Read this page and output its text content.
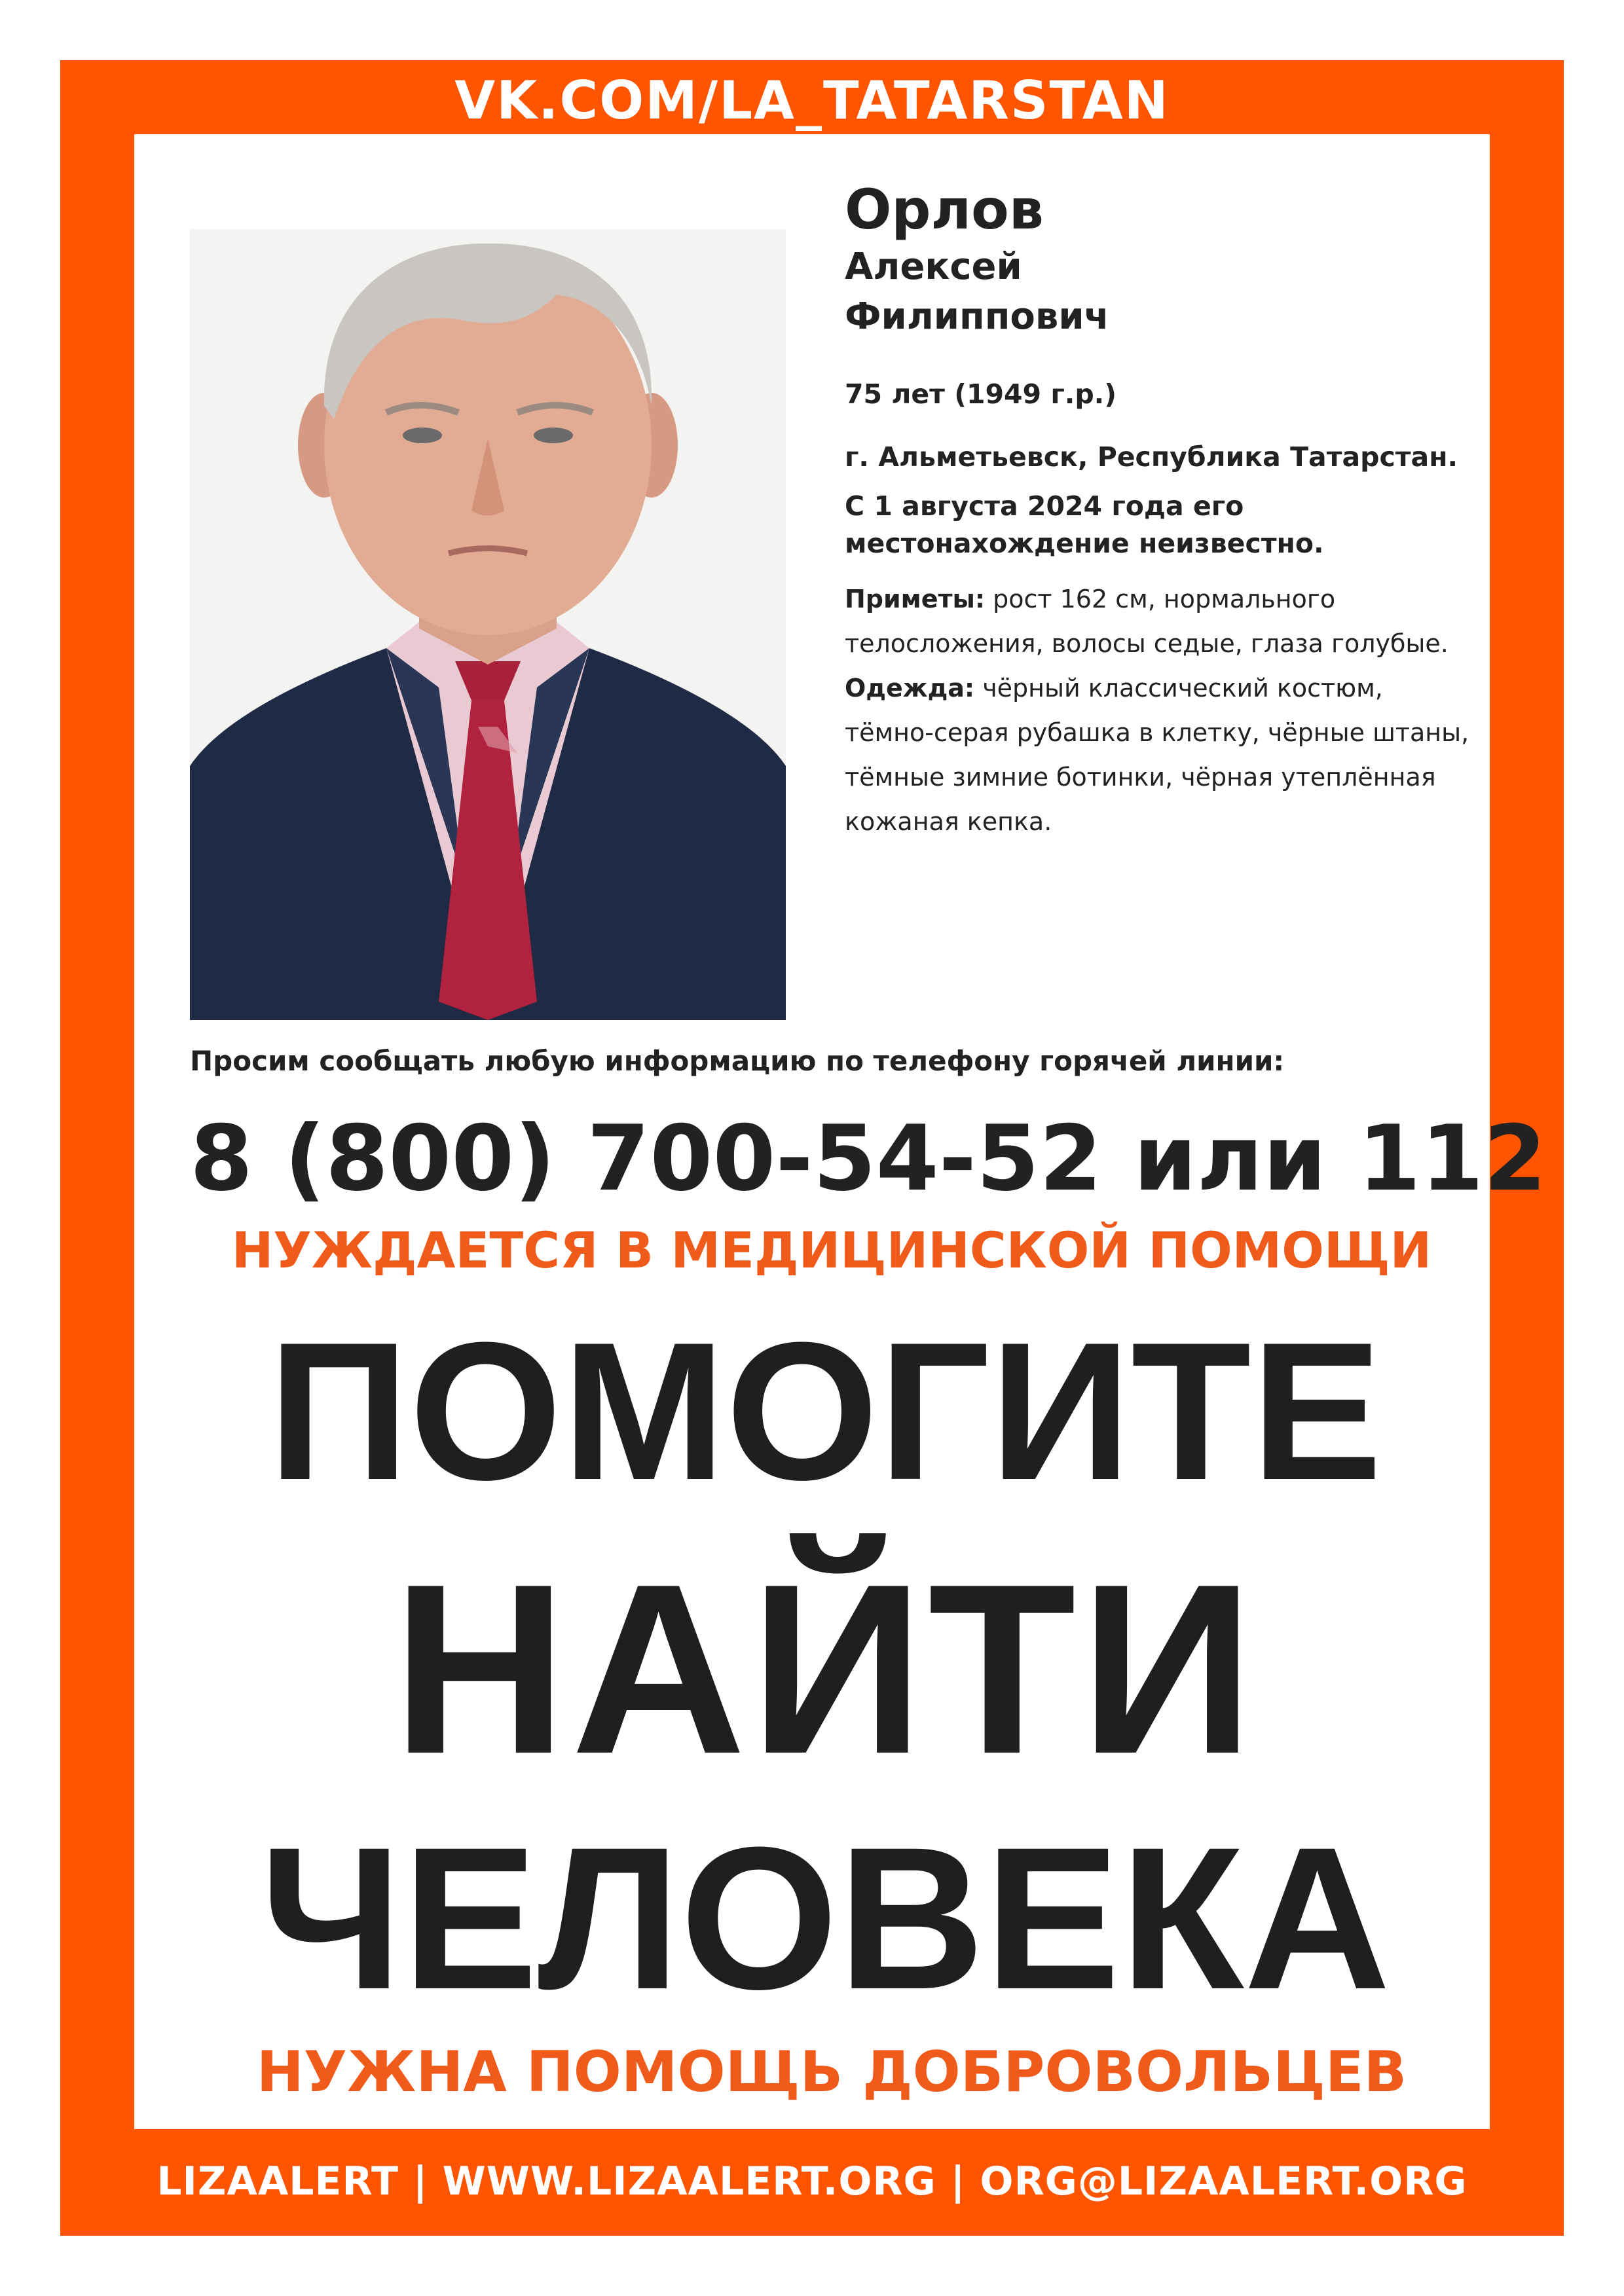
VK.COM/LA_TATARSTAN
Орлов
Алексей
Филиппович
75 лет (1949 г.р.)
г. Альметьевск, Республика Татарстан.
С 1 августа 2024 года его местонахождение неизвестно.
Приметы: рост 162 см, нормального телосложения, волосы седые, глаза голубые.
Одежда: чёрный классический костюм, тёмно-серая рубашка в клетку, чёрные штаны, тёмные зимние ботинки, чёрная утеплённая кожаная кепка.
Просим сообщать любую информацию по телефону горячей линии:
8 (800) 700-54-52 или 112
НУЖДАЕТСЯ В МЕДИЦИНСКОЙ ПОМОЩИ
ПОМОГИТЕ
НАЙТИ
ЧЕЛОВЕКА
НУЖНА ПОМОЩЬ ДОБРОВОЛЬЦЕВ
LIZAALERT | WWW.LIZAALERT.ORG | ORG@LIZAALERT.ORG
